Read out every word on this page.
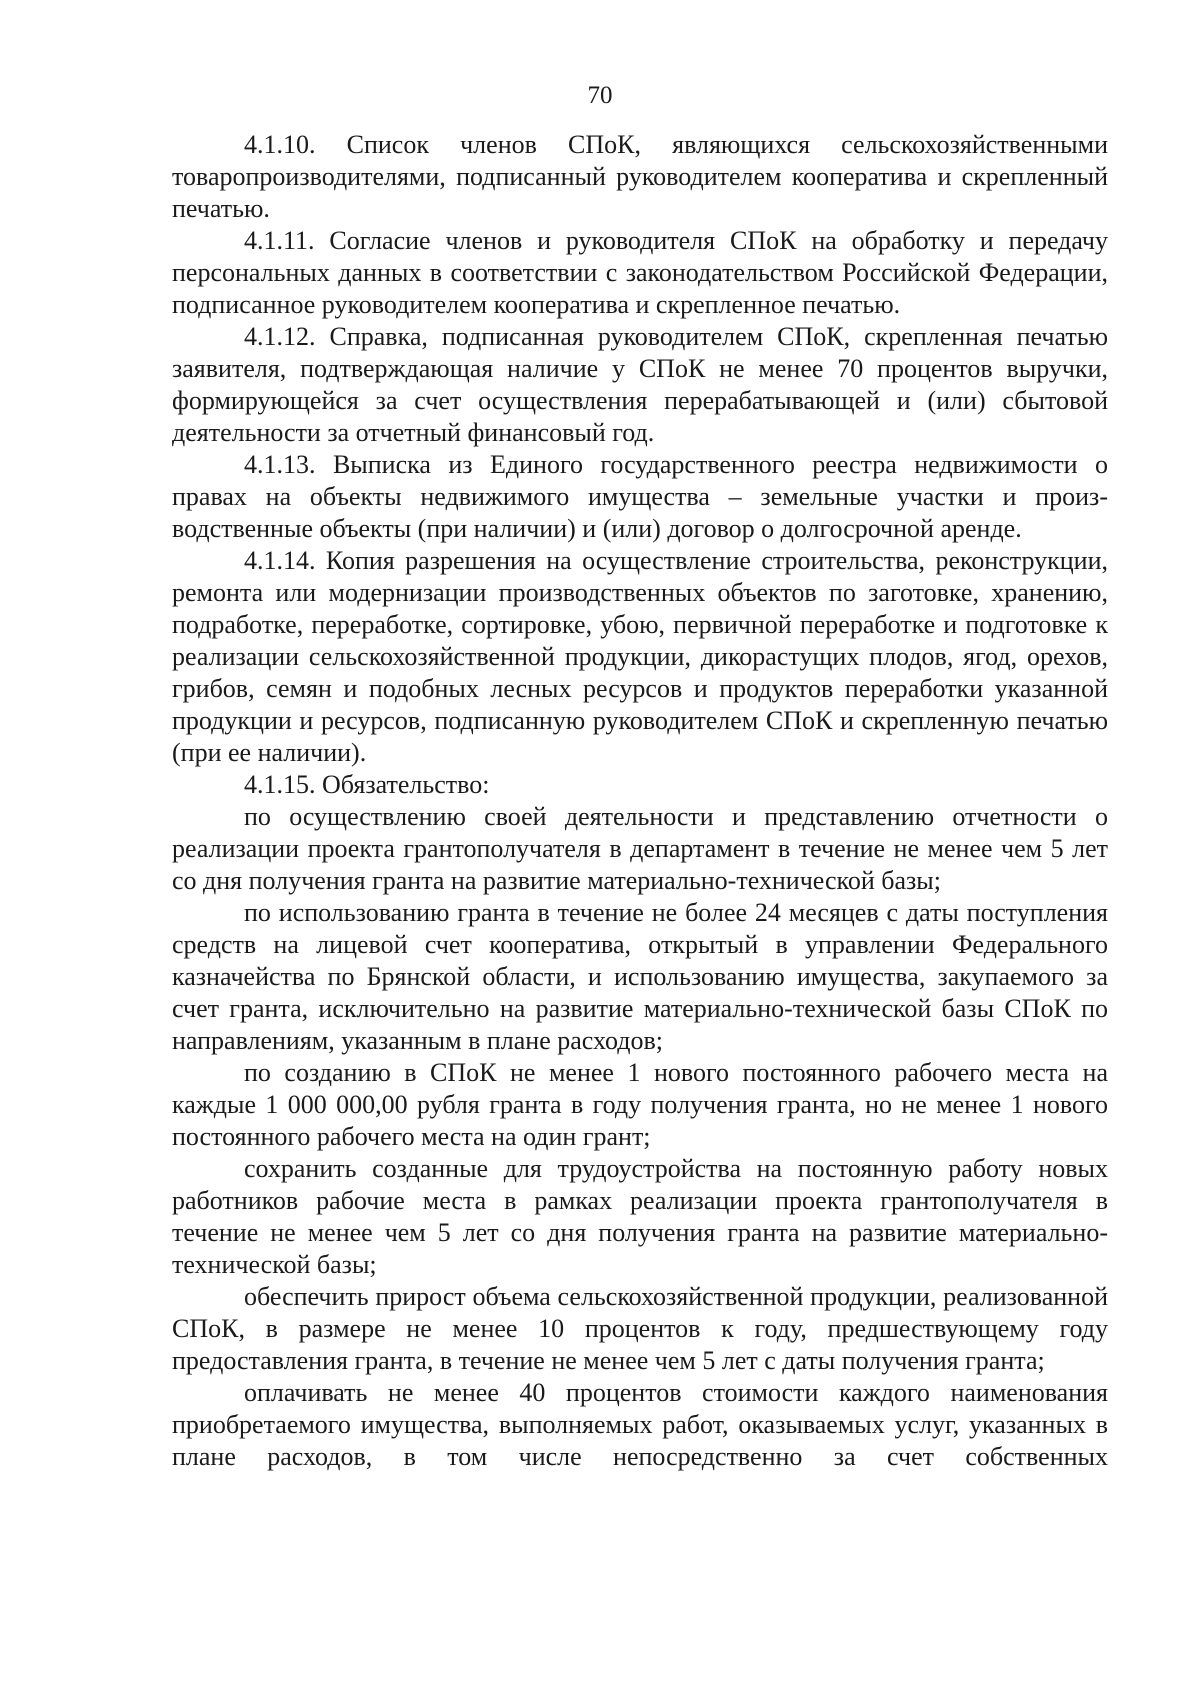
70

4.1.10. Список членов СПоК, являющихся сельскохозяйственными товаропроизводителями, подписанный руководителем кооператива и скрепленный печатью.

4.1.11. Согласие членов и руководителя СПоК на обработку и передачу персональных данных в соответствии с законодательством Российской Федерации, подписанное руководителем кооператива и скрепленное печатью.

4.1.12. Справка, подписанная руководителем СПоК, скрепленная печатью заявителя, подтверждающая наличие у СПоК не менее 70 процентов выручки, формирующейся за счет осуществления перерабатывающей и (или) сбытовой деятельности за отчетный финансовый год.

4.1.13. Выписка из Единого государственного реестра недвижимости о правах на объекты недвижимого имущества – земельные участки и производственные объекты (при наличии) и (или) договор о долгосрочной аренде.

4.1.14. Копия разрешения на осуществление строительства, реконструкции, ремонта или модернизации производственных объектов по заготовке, хранению, подработке, переработке, сортировке, убою, первичной переработке и подготовке к реализации сельскохозяйственной продукции, дикорастущих плодов, ягод, орехов, грибов, семян и подобных лесных ресурсов и продуктов переработки указанной продукции и ресурсов, подписанную руководителем СПоК и скрепленную печатью (при ее наличии).

4.1.15. Обязательство:

по осуществлению своей деятельности и представлению отчетности о реализации проекта грантополучателя в департамент в течение не менее чем 5 лет со дня получения гранта на развитие материально-технической базы;

по использованию гранта в течение не более 24 месяцев с даты поступления средств на лицевой счет кооператива, открытый в управлении Федерального казначейства по Брянской области, и использованию имущества, закупаемого за счет гранта, исключительно на развитие материально-технической базы СПоК по направлениям, указанным в плане расходов;

по созданию в СПоК не менее 1 нового постоянного рабочего места на каждые 1 000 000,00 рубля гранта в году получения гранта, но не менее 1 нового постоянного рабочего места на один грант;

сохранить созданные для трудоустройства на постоянную работу новых работников рабочие места в рамках реализации проекта грантополучателя в течение не менее чем 5 лет со дня получения гранта на развитие материально-технической базы;

обеспечить прирост объема сельскохозяйственной продукции, реализованной СПоК, в размере не менее 10 процентов к году, предшествующему году предоставления гранта, в течение не менее чем 5 лет с даты получения гранта;

оплачивать не менее 40 процентов стоимости каждого наименования приобретаемого имущества, выполняемых работ, оказываемых услуг, указанных в плане расходов, в том числе непосредственно за счет собственных
